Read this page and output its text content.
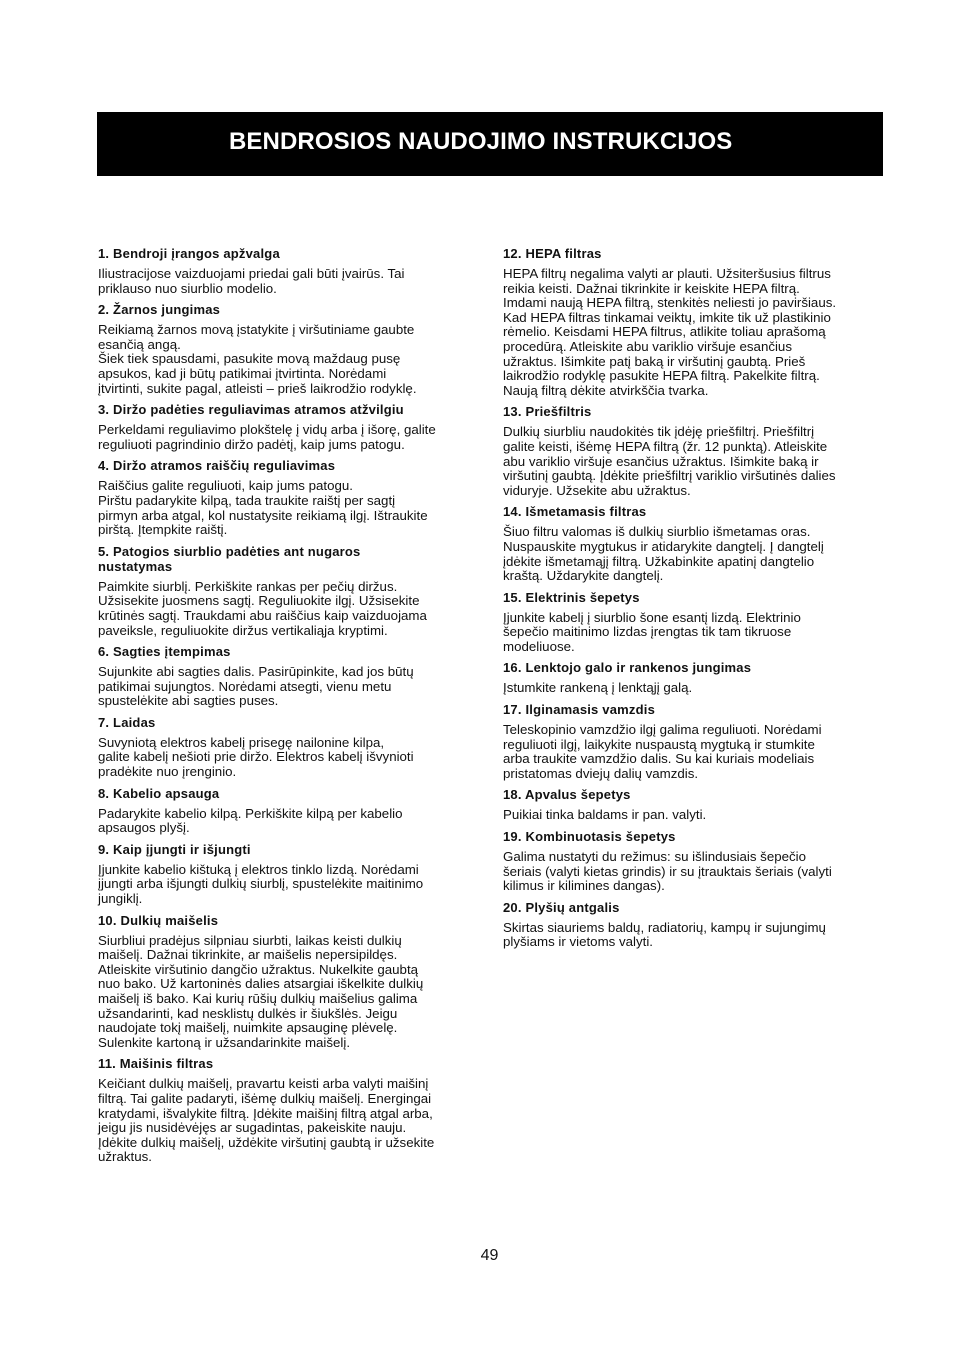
BENDROSIOS NAUDOJIMO INSTRUKCIJOS
1. Bendroji įrangos apžvalga

Iliustracijose vaizduojami priedai gali būti įvairūs. Tai
priklauso nuo siurblio modelio.

2. Žarnos jungimas

Reikiamą žarnos movą įstatykite į viršutiniame gaubte
esančią angą.
Šiek tiek spausdami, pasukite movą maždaug pusę
apsukos, kad ji būtų patikimai įtvirtinta. Norėdami
įtvirtinti, sukite pagal, atleisti – prieš laikrodžio rodyklę.

3. Diržo padėties reguliavimas atramos atžvilgiu

Perkeldami reguliavimo plokštelę į vidų arba į išorę, galite
reguliuoti pagrindinio diržo padėtį, kaip jums patogu.

4. Diržo atramos raiščių reguliavimas

Raiščius galite reguliuoti, kaip jums patogu.
Pirštu padarykite kilpą, tada traukite raištį per sagtį
pirmyn arba atgal, kol nustatysite reikiamą ilgį. Ištraukite
pirštą. Įtempkite raištį.

5. Patogios siurblio padėties ant nugaros
nustatymas

Paimkite siurblį. Perkiškite rankas per pečių diržus.
Užsisekite juosmens sagtį. Reguliuokite ilgį. Užsisekite
krūtinės sagtį. Traukdami abu raiščius kaip vaizduojama
paveiksle, reguliuokite diržus vertikaliąja kryptimi.

6. Sagties įtempimas

Sujunkite abi sagties dalis. Pasirūpinkite, kad jos būtų
patikimai sujungtos. Norėdami atsegti, vienu metu
spustelėkite abi sagties puses.

7. Laidas

Suvyniotą elektros kabelį prisegę nailonine kilpa,
galite kabelį nešioti prie diržo. Elektros kabelį išvynioti
pradėkite nuo įrenginio.

8. Kabelio apsauga

Padarykite kabelio kilpą. Perkiškite kilpą per kabelio
apsaugos plyšį.

9. Kaip įjungti ir išjungti

Įjunkite kabelio kištuką į elektros tinklo lizdą. Norėdami
įjungti arba išjungti dulkių siurblį, spustelėkite maitinimo
jungiklį.

10. Dulkių maišelis

Siurbliui pradėjus silpniau siurbti, laikas keisti dulkių
maišelį. Dažnai tikrinkite, ar maišelis nepersipildęs.
Atleiskite viršutinio dangčio užraktus. Nukelkite gaubtą
nuo bako. Už kartoninės dalies atsargiai iškelkite dulkių
maišelį iš bako. Kai kurių rūšių dulkių maišelius galima
užsandarinti, kad nesklistų dulkės ir šiukšlės. Jeigu
naudojate tokį maišelį, nuimkite apsauginę plėvelę.
Sulenkite kartoną ir užsandarinkite maišelį.

11. Maišinis filtras

Keičiant dulkių maišelį, pravartu keisti arba valyti maišinį
filtrą. Tai galite padaryti, išėmę dulkių maišelį. Energingai
kratydami, išvalykite filtrą. Įdėkite maišinį filtrą atgal arba,
jeigu jis nusidėvėjęs ar sugadintas, pakeiskite nauju.
Įdėkite dulkių maišelį, uždėkite viršutinį gaubtą ir užsekite
užraktus.

12. HEPA filtras

HEPA filtrų negalima valyti ar plauti. Užsiteršusius filtrus
reikia keisti. Dažnai tikrinkite ir keiskite HEPA filtrą.
Imdami naują HEPA filtrą, stenkitės neliesti jo paviršiaus.
Kad HEPA filtras tinkamai veiktų, imkite tik už plastikinio
rėmelio. Keisdami HEPA filtrus, atlikite toliau aprašomą
procedūrą. Atleiskite abu variklio viršuje esančius
užraktus. Išimkite patį baką ir viršutinį gaubtą. Prieš
laikrodžio rodyklę pasukite HEPA filtrą. Pakelkite filtrą.
Naują filtrą dėkite atvirkščia tvarka.

13. Priešfiltris

Dulkių siurbliu naudokitės tik įdėję priešfiltrį. Priešfiltrį
galite keisti, išėmę HEPA filtrą (žr. 12 punktą). Atleiskite
abu variklio viršuje esančius užraktus. Išimkite baką ir
viršutinį gaubtą. Įdėkite priešfiltrį variklio viršutinės dalies
viduryje. Užsekite abu užraktus.

14. Išmetamasis filtras

Šiuo filtru valomas iš dulkių siurblio išmetamas oras.
Nuspauskite mygtukus ir atidarykite dangtelį. Į dangtelį
įdėkite išmetamąjį filtrą. Užkabinkite apatinį dangtelio
kraštą. Uždarykite dangtelį.

15. Elektrinis šepetys

Įjunkite kabelį į siurblio šone esantį lizdą. Elektrinio
šepečio maitinimo lizdas įrengtas tik tam tikruose
modeliuose.

16. Lenktojo galo ir rankenos jungimas

Įstumkite rankeną į lenktąjį galą.

17. Ilginamasis vamzdis

Teleskopinio vamzdžio ilgį galima reguliuoti. Norėdami
reguliuoti ilgį, laikykite nuspaustą mygtuką ir stumkite
arba traukite vamzdžio dalis. Su kai kuriais modeliais
pristatomas dviejų dalių vamzdis.

18. Apvalus šepetys

Puikiai tinka baldams ir pan. valyti.

19. Kombinuotasis šepetys

Galima nustatyti du režimus: su išlindusiais šepečio
šeriais (valyti kietas grindis) ir su įtrauktais šeriais (valyti
kilimus ir kilimines dangas).

20. Plyšių antgalis

Skirtas siauriems baldų, radiatorių, kampų ir sujungimų
plyšiams ir vietoms valyti.

49
